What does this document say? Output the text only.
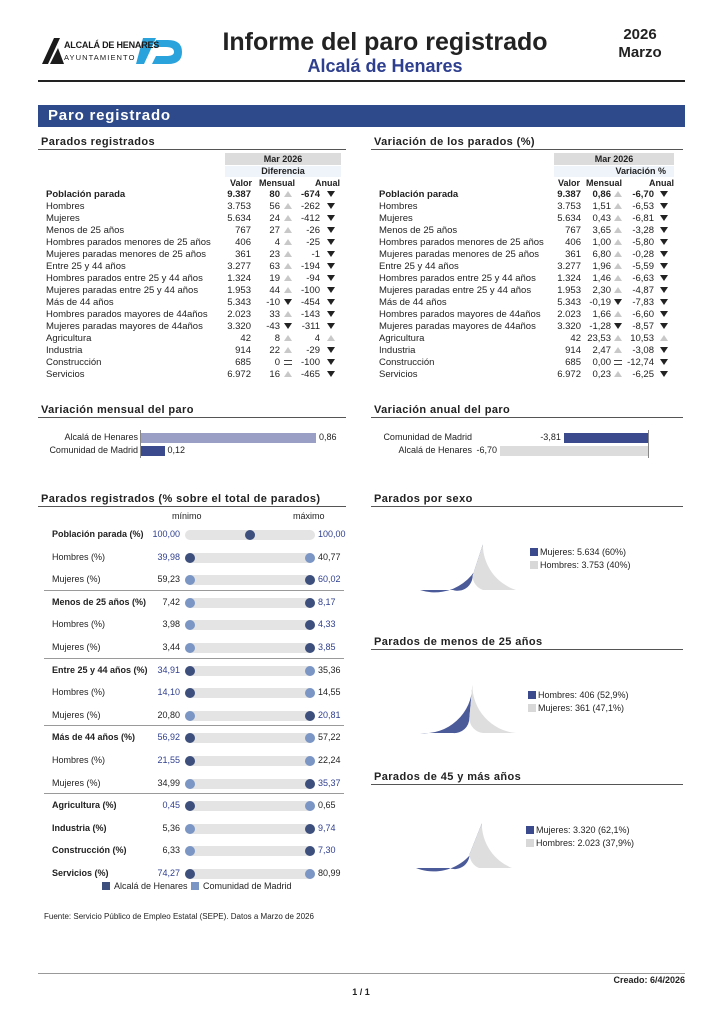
ALCALÁ DE HENARES
AYUNTAMIENTO
Informe del paro registrado
Alcalá de Henares
2026
Marzo
Paro registrado
Parados registrados	Variación de los parados (%)
Mar 2026
Diferencia
Valor Mensual	Anual
Población parada	9.387	80	-674
Hombres	3.753	56	-262
Mujeres	5.634	24	-412
Menos de 25 años	767	27	-26
Hombres parados menores de 25 años	406	4	-25
Mujeres paradas menores de 25 años	361	23	-1
Entre 25 y 44 años	3.277	63	-194
Hombres parados entre 25 y 44 años	1.324	19	-94
Mujeres paradas entre 25 y 44 años	1.953	44	-100
Más de 44 años	5.343	-10	-454
Hombres parados mayores de 44años	2.023	33	-143
Mujeres paradas mayores de 44años	3.320	-43	-311
Agricultura	42	8	4
Industria	914	22	-29
Construcción	685	0	-100
Servicios	6.972	16	-465
Mar 2026
Variación %
Valor Mensual	Anual
Población parada	9.387	0,86	-6,70
Hombres	3.753	1,51	-6,53
Mujeres	5.634	0,43	-6,81
Menos de 25 años	767	3,65	-3,28
Hombres parados menores de 25 años	406	1,00	-5,80
Mujeres paradas menores de 25 años	361	6,80	-0,28
Entre 25 y 44 años	3.277	1,96	-5,59
Hombres parados entre 25 y 44 años	1.324	1,46	-6,63
Mujeres paradas entre 25 y 44 años	1.953	2,30	-4,87
Más de 44 años	5.343 -0,19	-7,83
Hombres parados mayores de 44años	2.023	1,66	-6,60
Mujeres paradas mayores de 44años	3.320 -1,28	-8,57
Agricultura	42 23,53	10,53
Industria	914	2,47	-3,08
Construcción	685	0,00	-12,74
Servicios	6.972	0,23	-6,25
Variación mensual del paro
Alcalá de Henares	0,86
Comunidad de Madrid	0,12
Variación anual del paro
Comunidad de Madrid	-3,81
Alcalá de Henares -6,70
Parados registrados (% sobre el total de parados)
mínimo	máximo
Población parada (%) 100,00	100,00
Hombres (%)	39,98	40,77
Mujeres (%)	59,23	60,02
Menos de 25 años (%)	7,42	8,17
Hombres (%)	3,98	4,33
Mujeres (%)	3,44	3,85
Entre 25 y 44 años (%)	34,91	35,36
Hombres (%)	14,10	14,55
Mujeres (%)	20,80	20,81
Más de 44 años (%)	56,92	57,22
Hombres (%)	21,55	22,24
Mujeres (%)	34,99	35,37
Agricultura (%)	0,45	0,65
Industria (%)	5,36	9,74
Construcción (%)	6,33	7,30
Servicios (%)	74,27	80,99
Alcalá de Henares Comunidad de Madrid
Parados por sexo
Parados de menos de 25 años
Parados de 45 y más años
Mujeres: 5.634 (60%)
Hombres: 3.753 (40%)
Hombres: 406 (52,9%)
Mujeres: 361 (47,1%)
Mujeres: 3.320 (62,1%)
Hombres: 2.023 (37,9%)
Fuente: Servicio Público de Empleo Estatal (SEPE). Datos a Marzo de 2026
Creado: 6/4/2026
1 / 1
